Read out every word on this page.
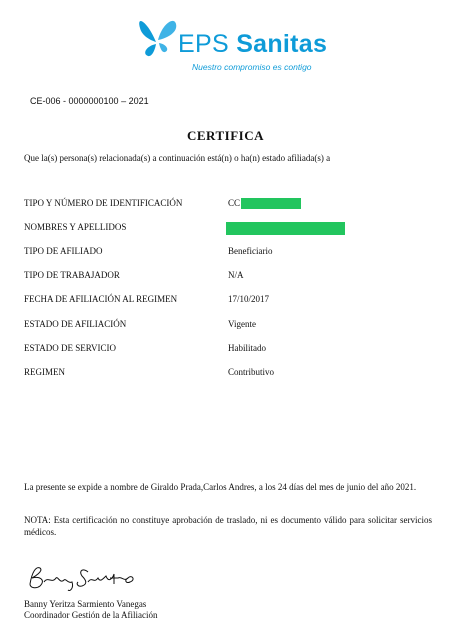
EPS Sanitas
Nuestro compromiso es contigo
CE-006 - 0000000100 – 2021
CERTIFICA
Que la(s) persona(s) relacionada(s) a continuación está(n) o ha(n) estado afiliada(s) a
TIPO Y NÚMERO DE IDENTIFICACIÓN	CC
NOMBRES Y APELLIDOS
TIPO DE AFILIADO	Beneficiario
TIPO DE TRABAJADOR	N/A
FECHA DE AFILIACIÓN AL REGIMEN	17/10/2017
ESTADO DE AFILIACIÓN	Vigente
ESTADO DE SERVICIO	Habilitado
REGIMEN	Contributivo
La presente se expide a nombre de Giraldo Prada,Carlos Andres, a los 24 días del mes de junio del año 2021.
NOTA: Esta certificación no constituye aprobación de traslado, ni es documento válido para solicitar servicios médicos.
Banny Yeritza Sarmiento Vanegas
Coordinador Gestión de la Afiliación
